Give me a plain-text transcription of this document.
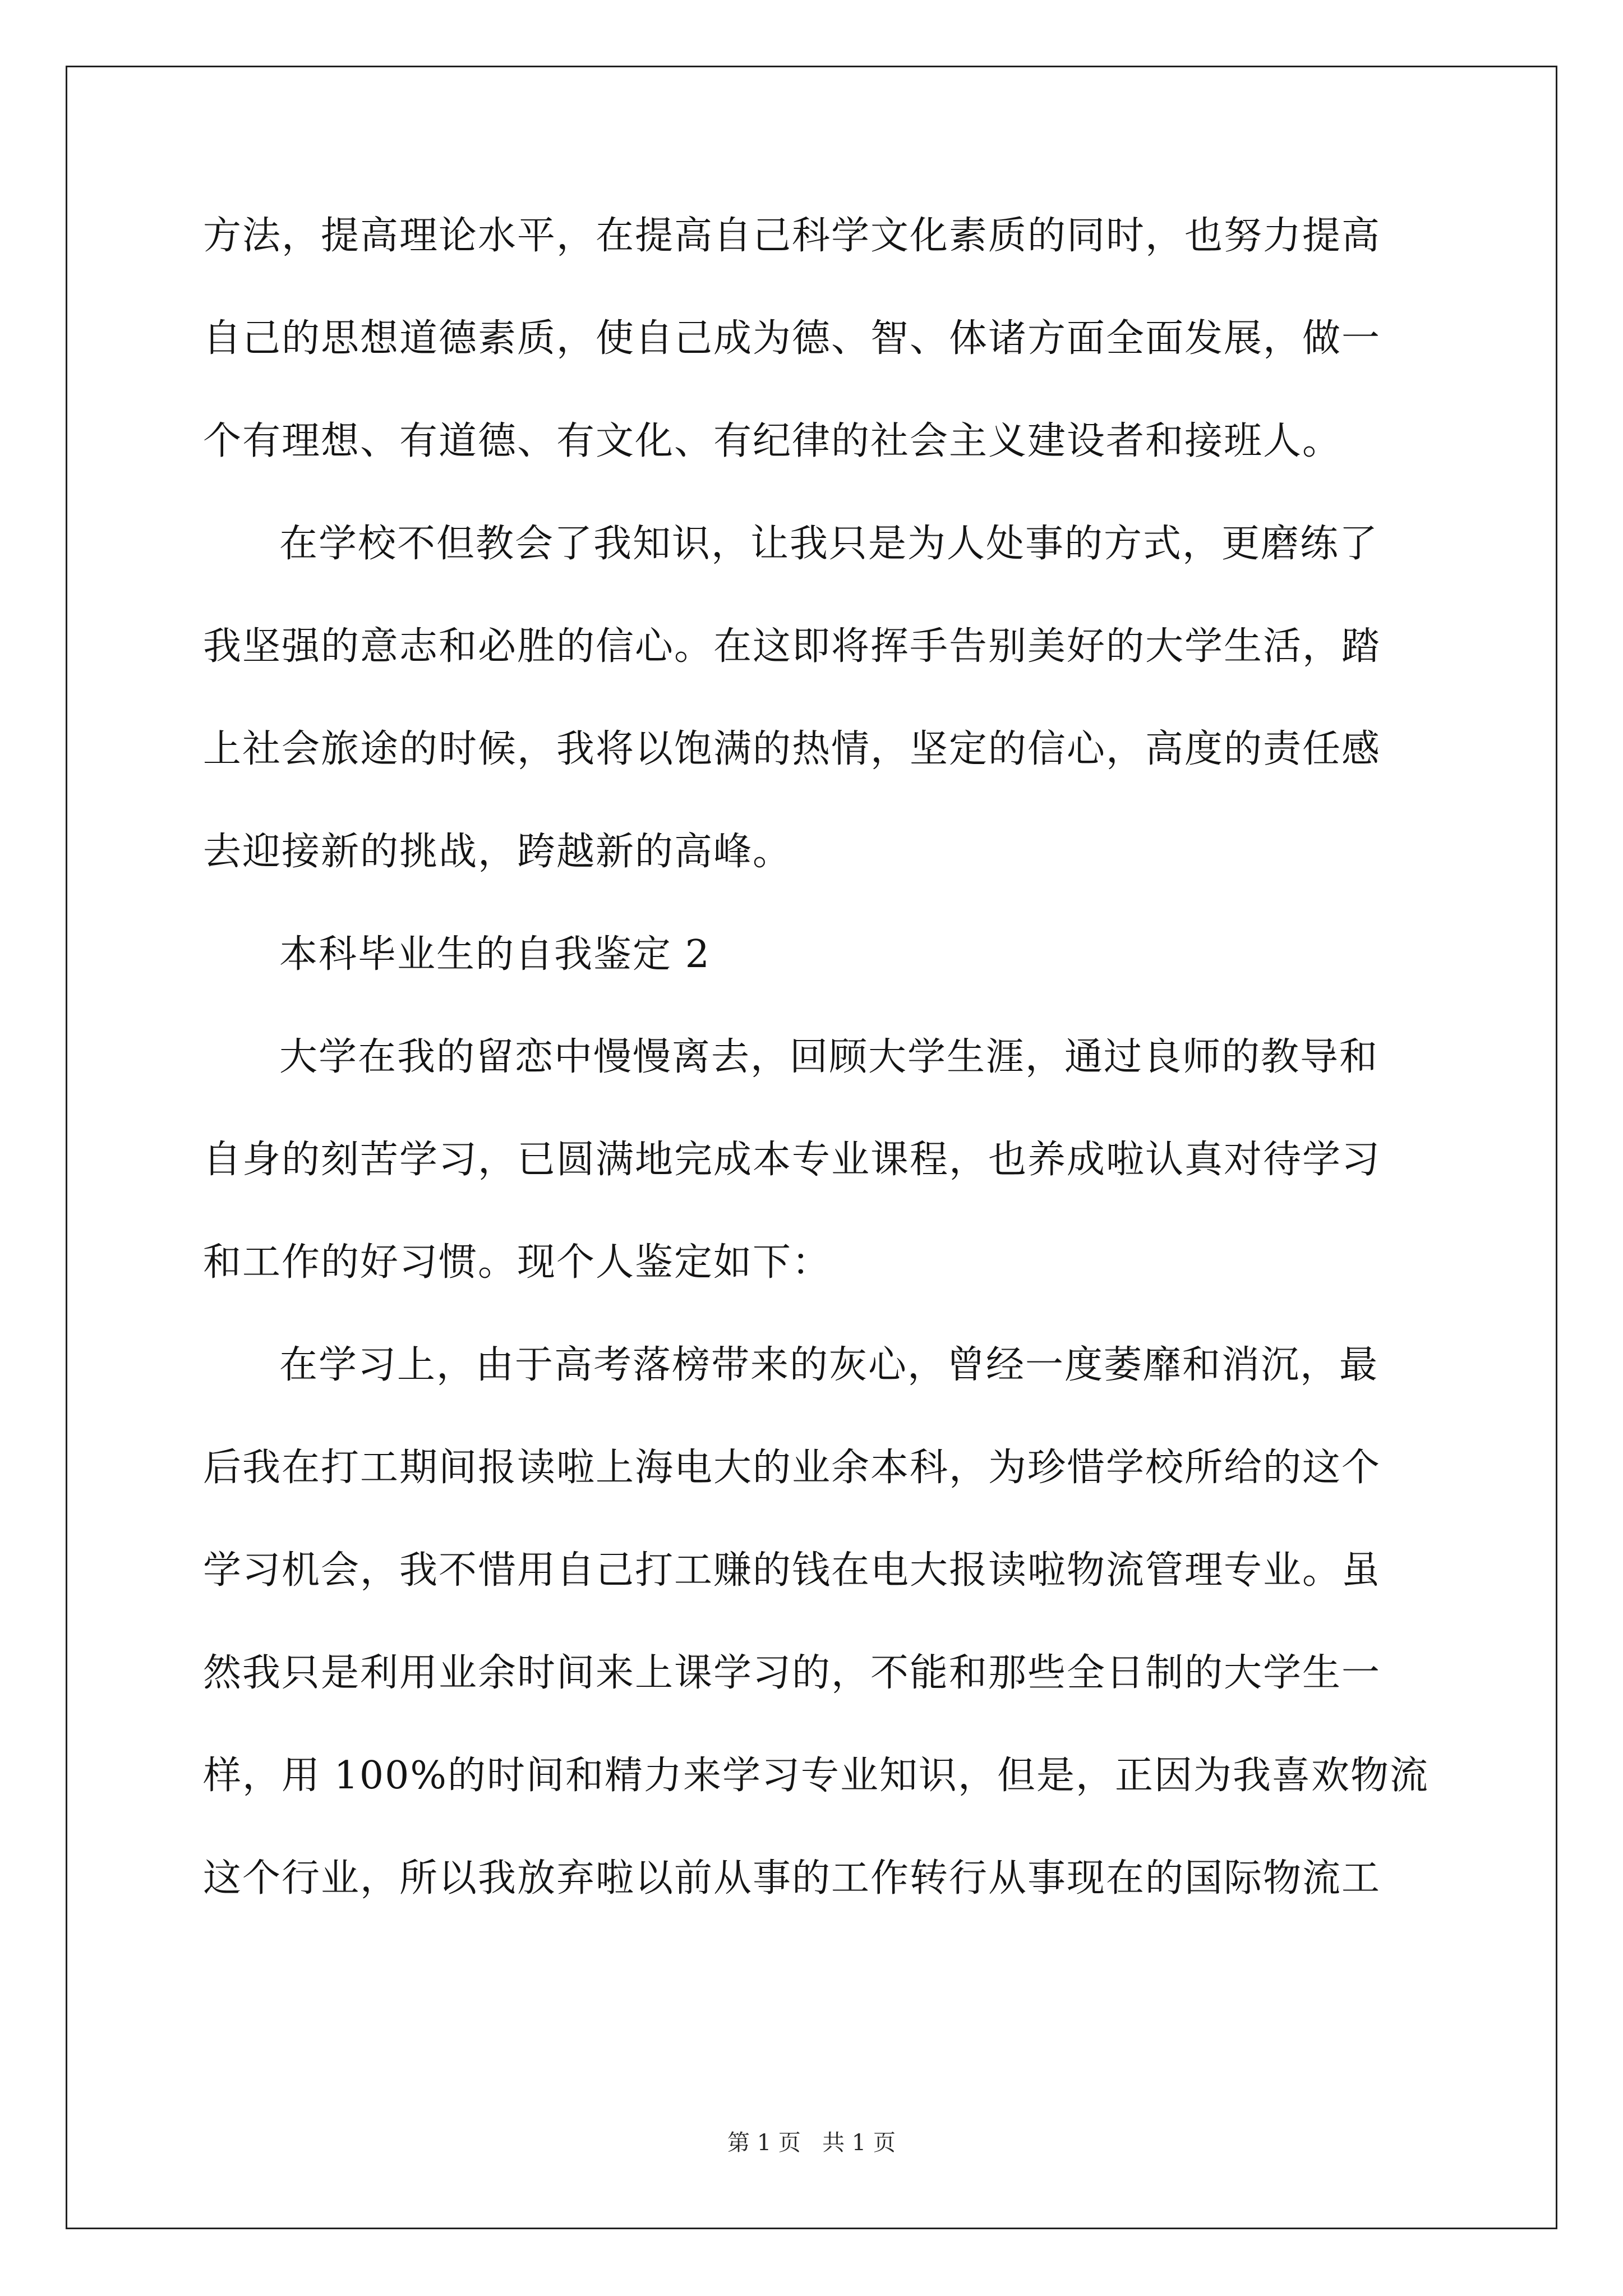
方法，提高理论水平，在提高自己科学文化素质的同时，也努力提高
自己的思想道德素质，使自己成为德、智、体诸方面全面发展，做一
个有理想、有道德、有文化、有纪律的社会主义建设者和接班人。
在学校不但教会了我知识，让我只是为人处事的方式，更磨练了
我坚强的意志和必胜的信心。在这即将挥手告别美好的大学生活，踏
上社会旅途的时候，我将以饱满的热情，坚定的信心，高度的责任感
去迎接新的挑战，跨越新的高峰。
本科毕业生的自我鉴定 2
大学在我的留恋中慢慢离去，回顾大学生涯，通过良师的教导和
自身的刻苦学习，已圆满地完成本专业课程，也养成啦认真对待学习
和工作的好习惯。现个人鉴定如下：
在学习上，由于高考落榜带来的灰心，曾经一度萎靡和消沉，最
后我在打工期间报读啦上海电大的业余本科，为珍惜学校所给的这个
学习机会，我不惜用自己打工赚的钱在电大报读啦物流管理专业。虽
然我只是利用业余时间来上课学习的，不能和那些全日制的大学生一
样，用 100%的时间和精力来学习专业知识，但是，正因为我喜欢物流
这个行业，所以我放弃啦以前从事的工作转行从事现在的国际物流工
第 1 页   共 1 页
